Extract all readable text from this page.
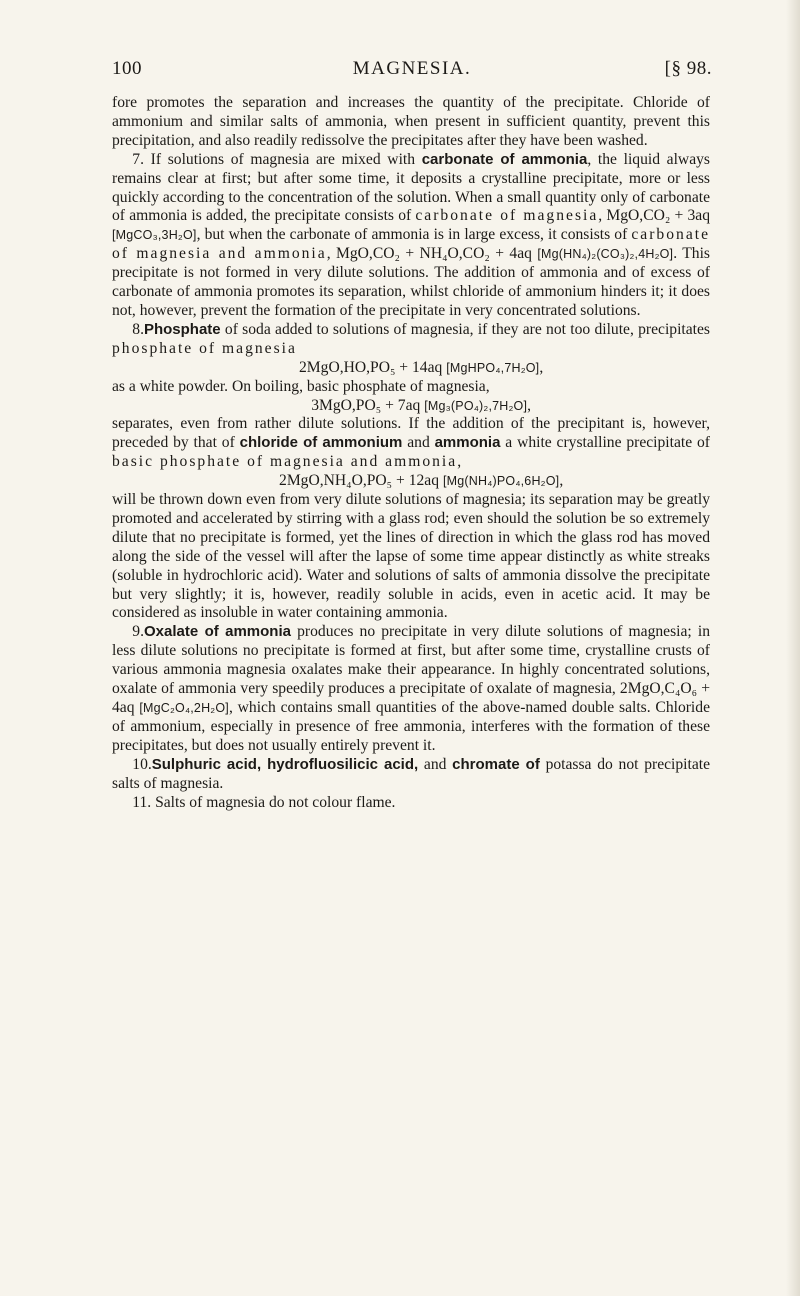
100	MAGNESIA.	[§ 98.

fore promotes the separation and increases the quantity of the precipitate. Chloride of ammonium and similar salts of ammonia, when present in sufficient quantity, prevent this precipitation, and also readily redissolve the precipitates after they have been washed.

7. If solutions of magnesia are mixed with carbonate of ammonia, the liquid always remains clear at first; but after some time, it deposits a crystalline precipitate, more or less quickly according to the concentration of the solution. When a small quantity only of carbonate of ammonia is added, the precipitate consists of carbonate of magnesia, MgO,CO₂ + 3aq [MgCO₃,3H₂O], but when the carbonate of ammonia is in large excess, it consists of carbonate of magnesia and ammonia, MgO,CO₂ + NH₄O,CO₂ + 4aq [Mg(HN₄)₂(CO₃)₂,4H₂O]. This precipitate is not formed in very dilute solutions. The addition of ammonia and of excess of carbonate of ammonia promotes its separation, whilst chloride of ammonium hinders it; it does not, however, prevent the formation of the precipitate in very concentrated solutions.

8.Phosphate of soda added to solutions of magnesia, if they are not too dilute, precipitates phosphate of magnesia

2MgO,HO,PO₅ + 14aq [MgHPO₄,7H₂O],

as a white powder. On boiling, basic phosphate of magnesia,

3MgO,PO₅ + 7aq [Mg₃(PO₄)₂,7H₂O],

separates, even from rather dilute solutions. If the addition of the precipitant is, however, preceded by that of chloride of ammonium and ammonia a white crystalline precipitate of basic phosphate of magnesia and ammonia,

2MgO,NH₄O,PO₅ + 12aq [Mg(NH₄)PO₄,6H₂O],

will be thrown down even from very dilute solutions of magnesia; its separation may be greatly promoted and accelerated by stirring with a glass rod; even should the solution be so extremely dilute that no precipitate is formed, yet the lines of direction in which the glass rod has moved along the side of the vessel will after the lapse of some time appear distinctly as white streaks (soluble in hydrochloric acid). Water and solutions of salts of ammonia dissolve the precipitate but very slightly; it is, however, readily soluble in acids, even in acetic acid. It may be considered as insoluble in water containing ammonia.

9.Oxalate of ammonia produces no precipitate in very dilute solutions of magnesia; in less dilute solutions no precipitate is formed at first, but after some time, crystalline crusts of various ammonia magnesia oxalates make their appearance. In highly concentrated solutions, oxalate of ammonia very speedily produces a precipitate of oxalate of magnesia, 2MgO,C₄O₆ + 4aq [MgC₂O₄,2H₂O], which contains small quantities of the above-named double salts. Chloride of ammonium, especially in presence of free ammonia, interferes with the formation of these precipitates, but does not usually entirely prevent it.

10.Sulphuric acid, hydrofluosilicic acid, and chromate of potassa do not precipitate salts of magnesia.

11. Salts of magnesia do not colour flame.
